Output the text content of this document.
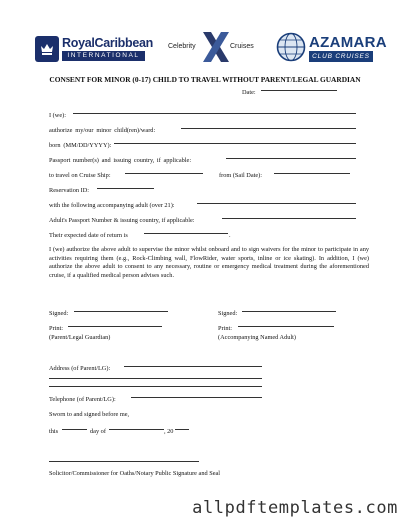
RoyalCaribbean
INTERNATIONAL
Celebrity	Cruises	AZAMARA
CLUB CRUISES
CONSENT FOR MINOR (0-17) CHILD TO TRAVEL WITHOUT PARENT/LEGAL GUARDIAN
Date:
I (we):
authorize my/our minor child(ren)/ward:
born (MM/DD/YYYY):
Passport number(s) and issuing country, if applicable:
to travel on Cruise Ship:	from (Sail Date):
Reservation ID:
with the following accompanying adult (over 21):
Adult's Passport Number & issuing country, if applicable:
Their expected date of return is	.
I (we) authorize the above adult to supervise the minor whilst onboard and to sign waivers for the minor to participate in any activities requiring them (e.g., Rock-Climbing wall, FlowRider, water sports, inline or ice skating). In addition, I (we) authorize the above adult to consent to any necessary, routine or emergency medical treatment during the aforementioned cruise, if a qualified medical person advises such.
Signed:	Signed:
Print:	Print:
(Parent/Legal Guardian)	(Accompanying Named Adult)
Address (of Parent/LG):
Telephone (of Parent/LG):
Sworn to and signed before me,
this	day of	, 20
Solicitor/Commissioner for Oaths/Notary Public Signature and Seal
allpdftemplates.com
